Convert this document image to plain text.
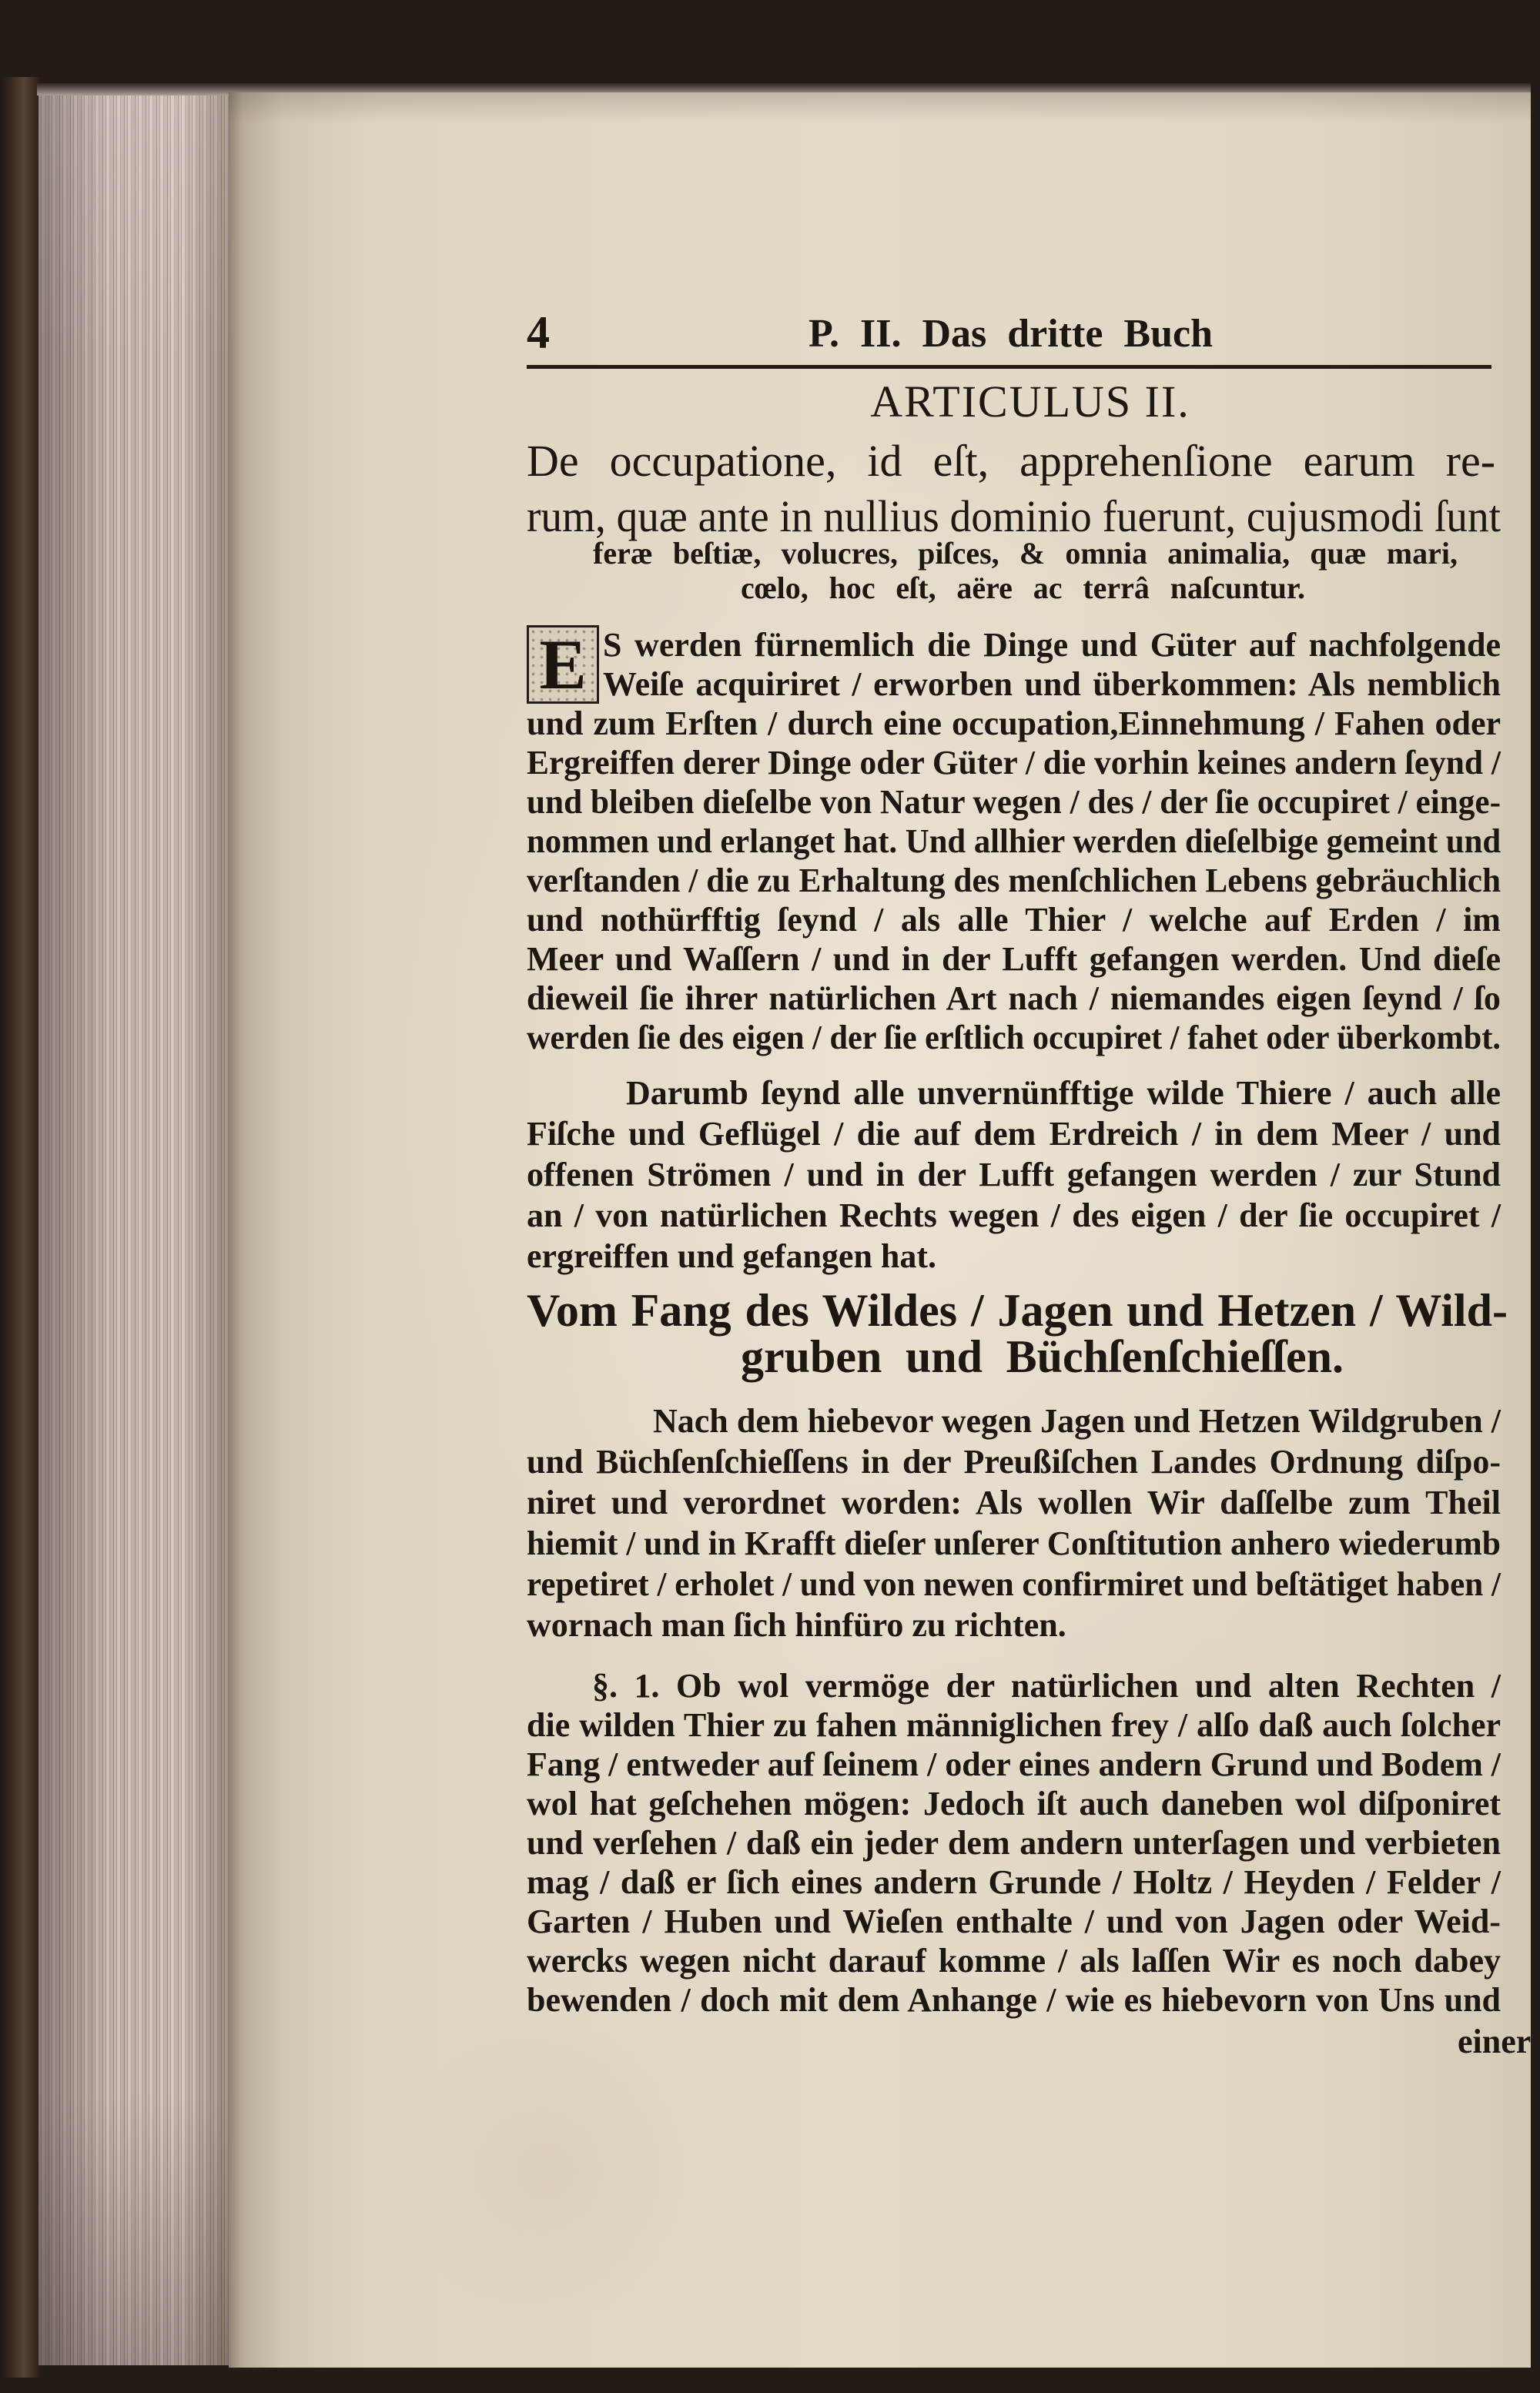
4	P. II. Das dritte Buch
ARTICULUS II.
De occupatione, id eſt, apprehenſione earum re-
rum, quæ ante in nullius dominio fuerunt, cujusmodi ſunt
feræ beſtiæ, volucres, piſces, & omnia animalia, quæ mari,
cœlo, hoc eſt, aëre ac terrâ naſcuntur.
E S werden fürnemlich die Dinge und Güter auf nachfolgende
Weiſe acquiriret / erworben und überkommen: Als nemblich
und zum Erſten / durch eine occupation,Einnehmung / Fahen oder
Ergreiffen derer Dinge oder Güter / die vorhin keines andern ſeynd /
und bleiben dieſelbe von Natur wegen / des / der ſie occupiret / einge-
nommen und erlanget hat. Und allhier werden dieſelbige gemeint und
verſtanden / die zu Erhaltung des menſchlichen Lebens gebräuchlich
und nothürfftig ſeynd / als alle Thier / welche auf Erden / im
Meer und Waſſern / und in der Lufft gefangen werden. Und dieſe
dieweil ſie ihrer natürlichen Art nach / niemandes eigen ſeynd / ſo
werden ſie des eigen / der ſie erſtlich occupiret / fahet oder überkombt.
Darumb ſeynd alle unvernünfftige wilde Thiere / auch alle
Fiſche und Geflügel / die auf dem Erdreich / in dem Meer / und
offenen Strömen / und in der Lufft gefangen werden / zur Stund
an / von natürlichen Rechts wegen / des eigen / der ſie occupiret /
ergreiffen und gefangen hat.
Vom Fang des Wildes / Jagen und Hetzen / Wild-
gruben und Büchſenſchieſſen.
Nach dem hiebevor wegen Jagen und Hetzen Wildgruben /
und Büchſenſchieſſens in der Preußiſchen Landes Ordnung diſpo-
niret und verordnet worden: Als wollen Wir daſſelbe zum Theil
hiemit / und in Krafft dieſer unſerer Conſtitution anhero wiederumb
repetiret / erholet / und von newen confirmiret und beſtätiget haben /
wornach man ſich hinfüro zu richten.
§. 1. Ob wol vermöge der natürlichen und alten Rechten /
die wilden Thier zu fahen männiglichen frey / alſo daß auch ſolcher
Fang / entweder auf ſeinem / oder eines andern Grund und Bodem /
wol hat geſchehen mögen: Jedoch iſt auch daneben wol diſponiret
und verſehen / daß ein jeder dem andern unterſagen und verbieten
mag / daß er ſich eines andern Grunde / Holtz / Heyden / Felder /
Garten / Huben und Wieſen enthalte / und von Jagen oder Weid-
wercks wegen nicht darauf komme / als laſſen Wir es noch dabey
bewenden / doch mit dem Anhange / wie es hiebevorn von Uns und
einer
